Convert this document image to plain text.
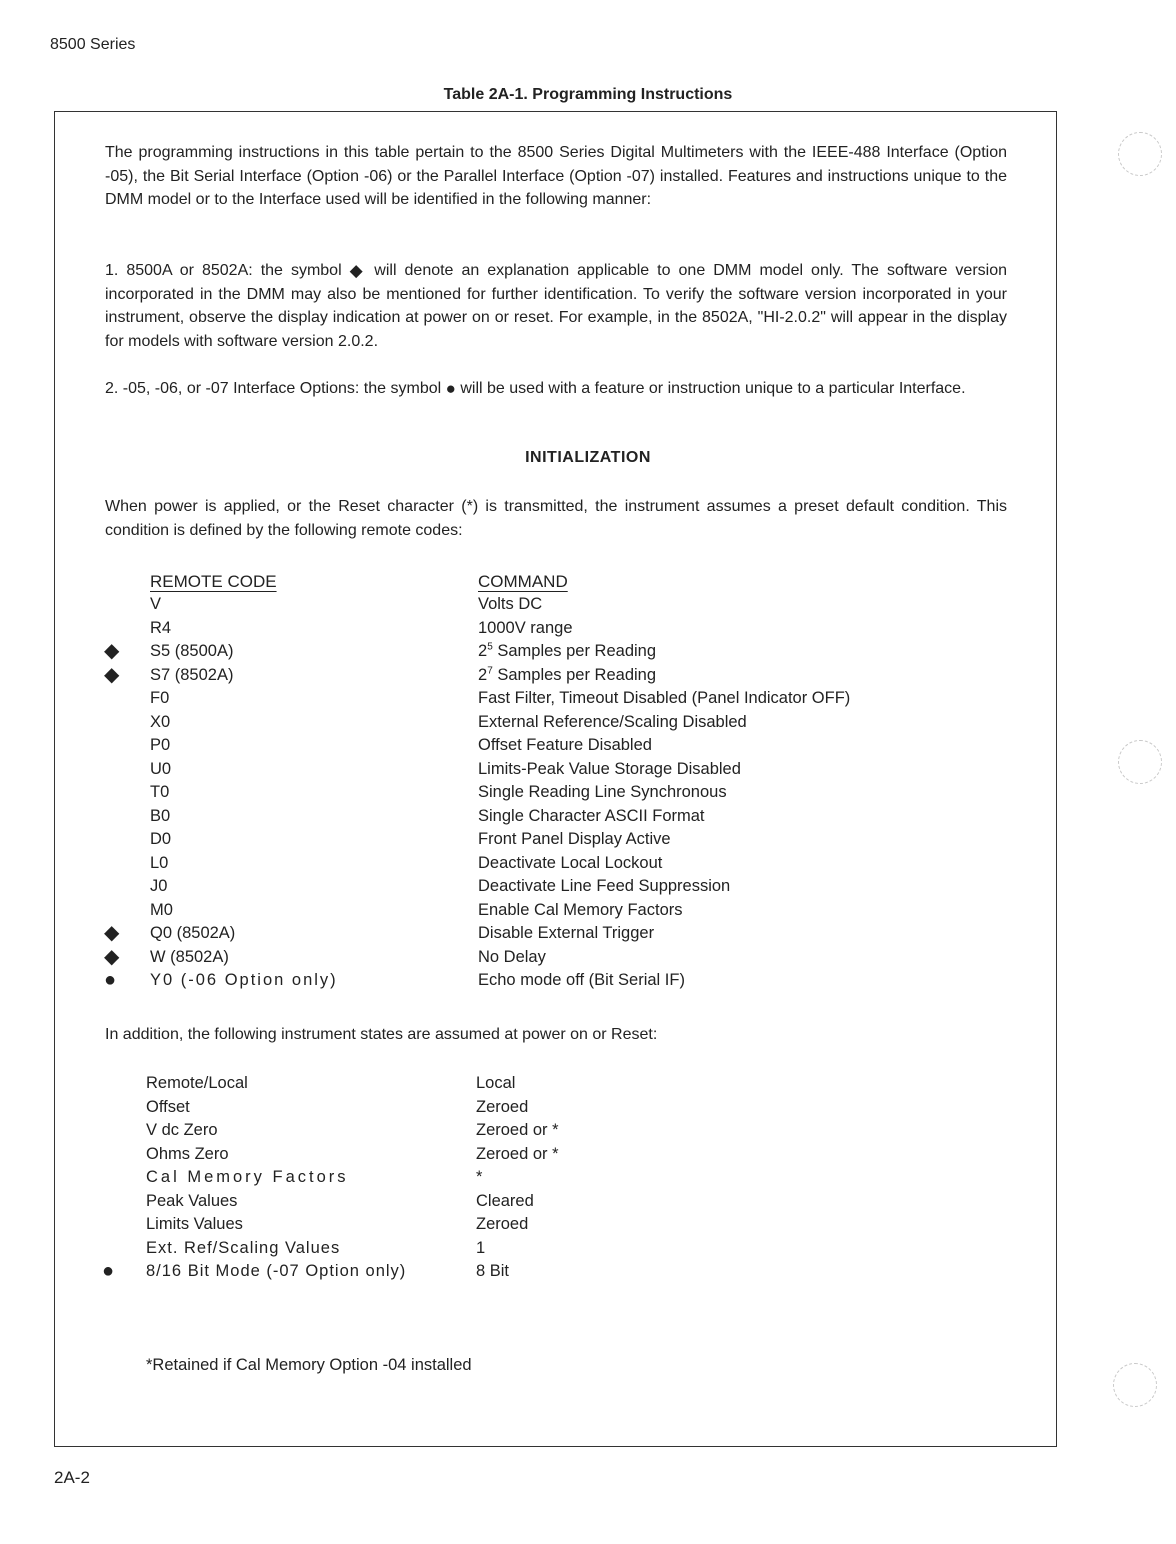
8500 Series
Table 2A-1. Programming Instructions
The programming instructions in this table pertain to the 8500 Series Digital Multimeters with the IEEE-488 Interface (Option -05), the Bit Serial Interface (Option -06) or the Parallel Interface (Option -07) installed. Features and instructions unique to the DMM model or to the Interface used will be identified in the following manner:
1. 8500A or 8502A: the symbol ◆ will denote an explanation applicable to one DMM model only. The software version incorporated in the DMM may also be mentioned for further identification. To verify the software version incorporated in your instrument, observe the display indication at power on or reset. For example, in the 8502A, "HI-2.0.2" will appear in the display for models with software version 2.0.2.
2. -05, -06, or -07 Interface Options: the symbol ● will be used with a feature or instruction unique to a particular Interface.
INITIALIZATION
When power is applied, or the Reset character (*) is transmitted, the instrument assumes a preset default condition. This condition is defined by the following remote codes:
REMOTE CODE	COMMAND
V	Volts DC
R4	1000V range
◆ S5 (8500A)	$2^5$ Samples per Reading
◆ S7 (8502A)	$2^7$ Samples per Reading
F0	Fast Filter, Timeout Disabled (Panel Indicator OFF)
X0	External Reference/Scaling Disabled
P0	Offset Feature Disabled
U0	Limits-Peak Value Storage Disabled
T0	Single Reading Line Synchronous
B0	Single Character ASCII Format
D0	Front Panel Display Active
L0	Deactivate Local Lockout
J0	Deactivate Line Feed Suppression
M0	Enable Cal Memory Factors
◆ Q0 (8502A)	Disable External Trigger
◆ W (8502A)	No Delay
● Y0 (-06 Option only)	Echo mode off (Bit Serial IF)
In addition, the following instrument states are assumed at power on or Reset:
Remote/Local	Local
Offset	Zeroed
V dc Zero	Zeroed or *
Ohms Zero	Zeroed or *
Cal Memory Factors	*
Peak Values	Cleared
Limits Values	Zeroed
Ext. Ref/Scaling Values	1
● 8/16 Bit Mode (-07 Option only)	8 Bit
*Retained if Cal Memory Option -04 installed
2A-2
